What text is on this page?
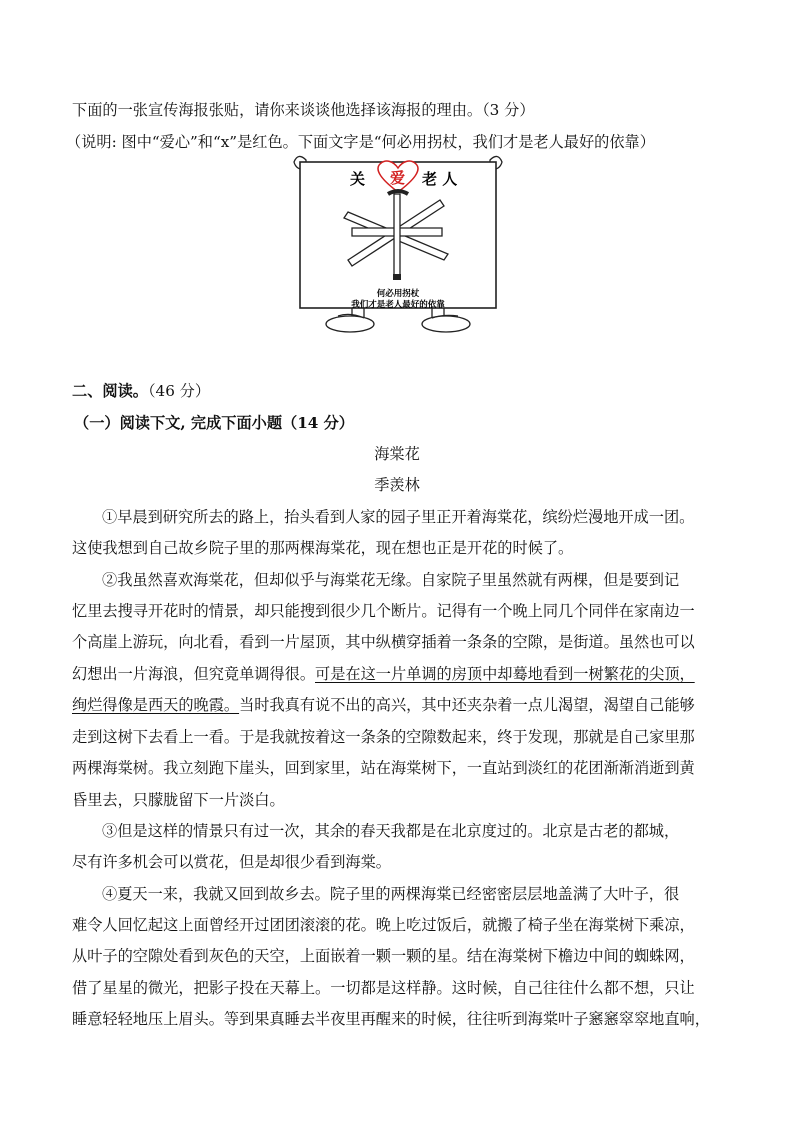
下面的一张宣传海报张贴，请你来谈谈他选择该海报的理由。（3 分）
（说明: 图中“爱心”和“x”是红色。下面文字是“何必用拐杖，我们才是老人最好的依靠）
关 爱 老 人
何必用拐杖
我们才是老人最好的依靠
二、阅读。（46 分）
（一）阅读下文, 完成下面小题（14 分）
海棠花
季羡林
①早晨到研究所去的路上，抬头看到人家的园子里正开着海棠花，缤纷烂漫地开成一团。
这使我想到自己故乡院子里的那两棵海棠花，现在想也正是开花的时候了。
②我虽然喜欢海棠花，但却似乎与海棠花无缘。自家院子里虽然就有两棵，但是要到记
忆里去搜寻开花时的情景，却只能搜到很少几个断片。记得有一个晚上同几个同伴在家南边一
个高崖上游玩，向北看，看到一片屋顶，其中纵横穿插着一条条的空隙，是街道。虽然也可以
幻想出一片海浪，但究竟单调得很。可是在这一片单调的房顶中却蓦地看到一树繁花的尖顶，
绚烂得像是西天的晚霞。当时我真有说不出的高兴，其中还夹杂着一点儿渴望，渴望自己能够
走到这树下去看上一看。于是我就按着这一条条的空隙数起来，终于发现，那就是自己家里那
两棵海棠树。我立刻跑下崖头，回到家里，站在海棠树下，一直站到淡红的花团渐渐消逝到黄
昏里去，只朦胧留下一片淡白。
③但是这样的情景只有过一次，其余的春天我都是在北京度过的。北京是古老的都城，
尽有许多机会可以赏花，但是却很少看到海棠。
④夏天一来，我就又回到故乡去。院子里的两棵海棠已经密密层层地盖满了大叶子，很
难令人回忆起这上面曾经开过团团滚滚的花。晚上吃过饭后，就搬了椅子坐在海棠树下乘凉，
从叶子的空隙处看到灰色的天空，上面嵌着一颗一颗的星。结在海棠树下檐边中间的蜘蛛网，
借了星星的微光，把影子投在天幕上。一切都是这样静。这时候，自己往往什么都不想，只让
睡意轻轻地压上眉头。等到果真睡去半夜里再醒来的时候，往往听到海棠叶子窸窸窣窣地直响，
